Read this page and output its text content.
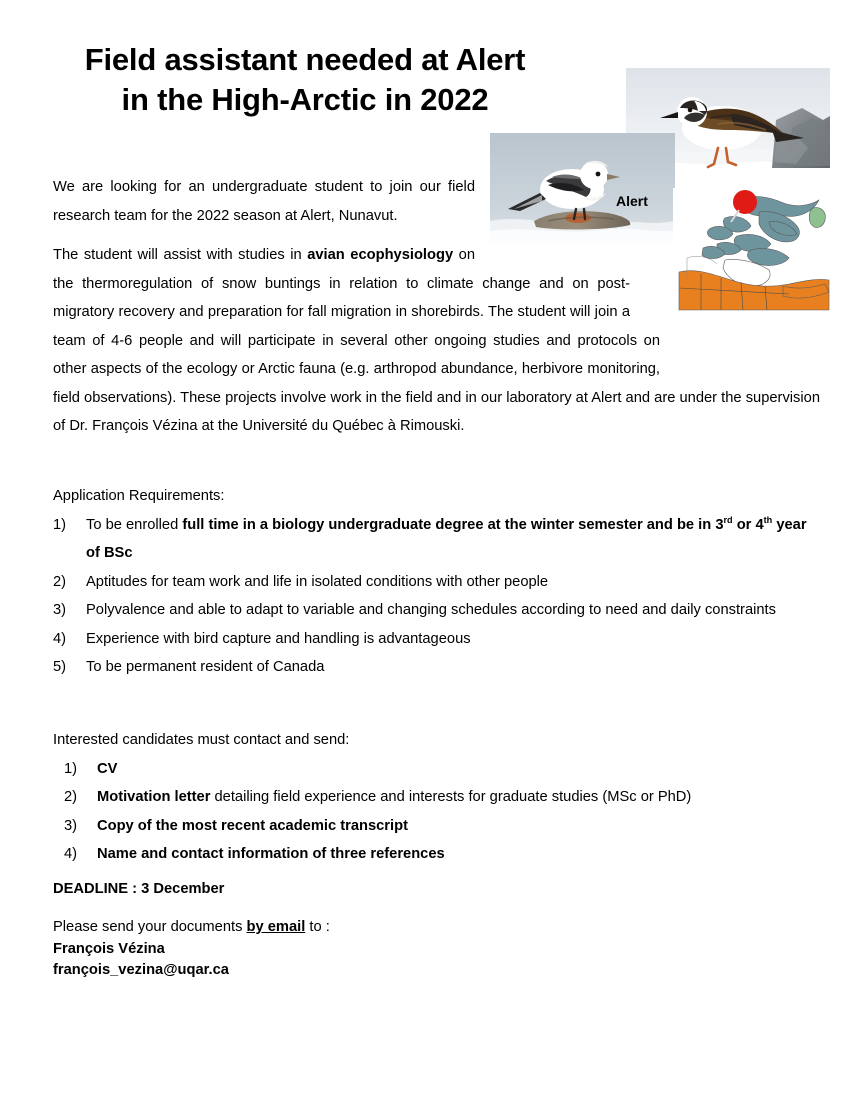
Field assistant needed at Alert
in the High-Arctic in 2022
Alert

We are looking for an undergraduate student to join our field research team for the 2022 season at Alert, Nunavut.

The student will assist with studies in avian ecophysiology
on the thermoregulation of snow buntings in relation to climate change and on post-migratory recovery and preparation for fall migration in shorebirds. The student will join a team of 4-6 people and will participate in several other ongoing studies and protocols on other aspects of the ecology or Arctic fauna (e.g. arthropod abundance, herbivore monitoring, field observations). These projects involve work in the field and in our laboratory at Alert and are under the supervision of Dr. François Vézina at the Université du Québec à Rimouski.

Application Requirements:

1)	To be enrolled full time in a biology undergraduate degree at the winter semester and be in 3rd or 4th year of BSc
2)	Aptitudes for team work and life in isolated conditions with other people
3)	Polyvalence and able to adapt to variable and changing schedules according to need and daily constraints
4)	Experience with bird capture and handling is advantageous
5)	To be permanent resident of Canada

Interested candidates must contact and send:

1)	CV
2)	Motivation letter detailing field experience and interests for graduate studies (MSc or PhD)
3)	Copy of the most recent academic transcript
4)	Name and contact information of three references
DEADLINE : 3 December
Please send your documents by email to :
François Vézina
françois_vezina@uqar.ca
